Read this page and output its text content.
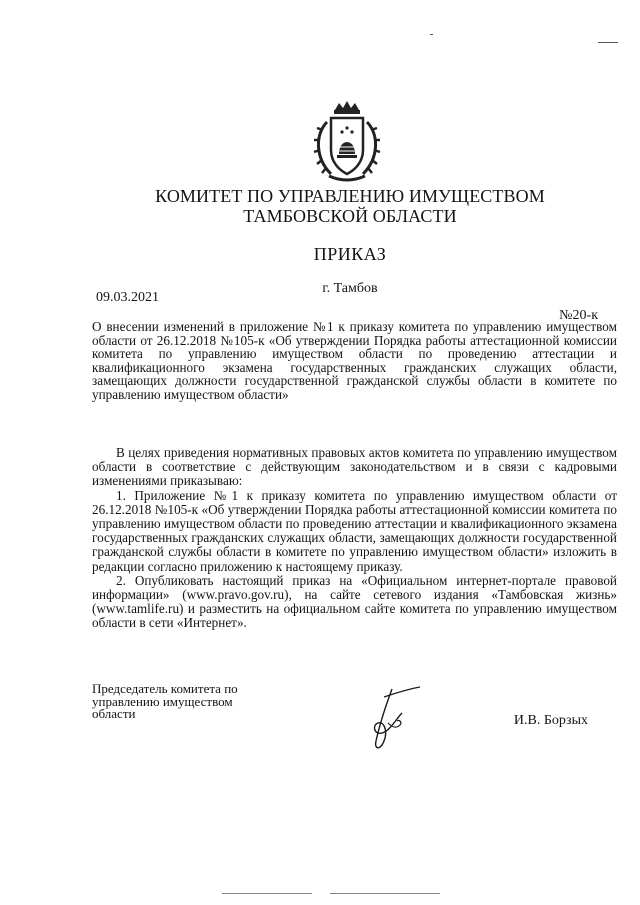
КОМИТЕТ ПО УПРАВЛЕНИЮ ИМУЩЕСТВОМ
ТАМБОВСКОЙ ОБЛАСТИ
ПРИКАЗ
г. Тамбов
09.03.2021
№20-к
О внесении изменений в приложение №1 к приказу комитета по управлению имуществом области от 26.12.2018 №105-к «Об утверждении Порядка работы аттестационной комиссии комитета по управлению имуществом области по проведению аттестации и квалификационного экзамена государственных гражданских служащих области, замещающих должности государственной гражданской службы области в комитете по управлению имуществом области»

В целях приведения нормативных правовых актов комитета по управлению имуществом области в соответствие с действующим законодательством и в связи с кадровыми изменениями приказываю:

1. Приложение №1 к приказу комитета по управлению имуществом области от 26.12.2018 №105-к «Об утверждении Порядка работы аттестационной комиссии комитета по управлению имуществом области по проведению аттестации и квалификационного экзамена государственных гражданских служащих области, замещающих должности государственной гражданской службы области в комитете по управлению имуществом области» изложить в редакции согласно приложению к настоящему приказу.

2. Опубликовать настоящий приказ на «Официальном интернет-портале правовой информации» (www.pravo.gov.ru), на сайте сетевого издания «Тамбовская жизнь» (www.tamlife.ru) и разместить на официальном сайте комитета по управлению имуществом области в сети «Интернет».

Председатель комитета по
управлению имуществом
области	И.В. Борзых
